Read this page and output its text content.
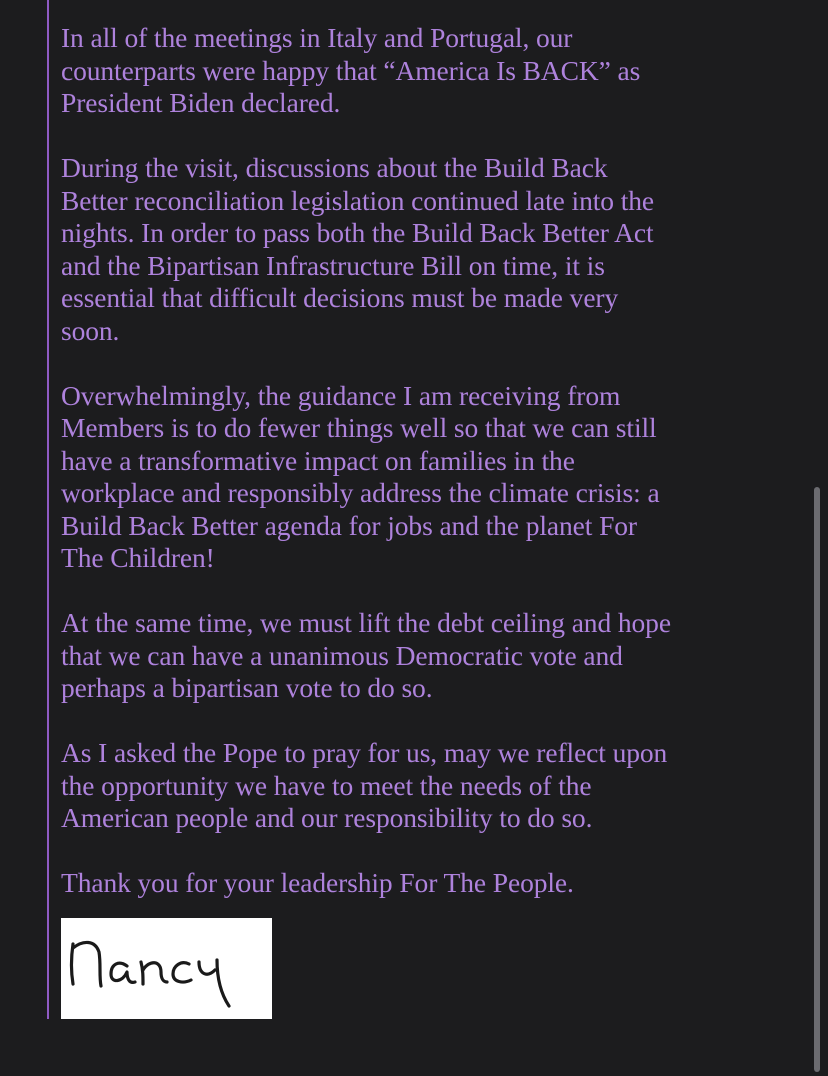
In all of the meetings in Italy and Portugal, our
counterparts were happy that “America Is BACK” as
President Biden declared.

During the visit, discussions about the Build Back
Better reconciliation legislation continued late into the
nights. In order to pass both the Build Back Better Act
and the Bipartisan Infrastructure Bill on time, it is
essential that difficult decisions must be made very
soon.

Overwhelmingly, the guidance I am receiving from
Members is to do fewer things well so that we can still
have a transformative impact on families in the
workplace and responsibly address the climate crisis: a
Build Back Better agenda for jobs and the planet For
The Children!

At the same time, we must lift the debt ceiling and hope
that we can have a unanimous Democratic vote and
perhaps a bipartisan vote to do so.

As I asked the Pope to pray for us, may we reflect upon
the opportunity we have to meet the needs of the
American people and our responsibility to do so.

Thank you for your leadership For The People.
